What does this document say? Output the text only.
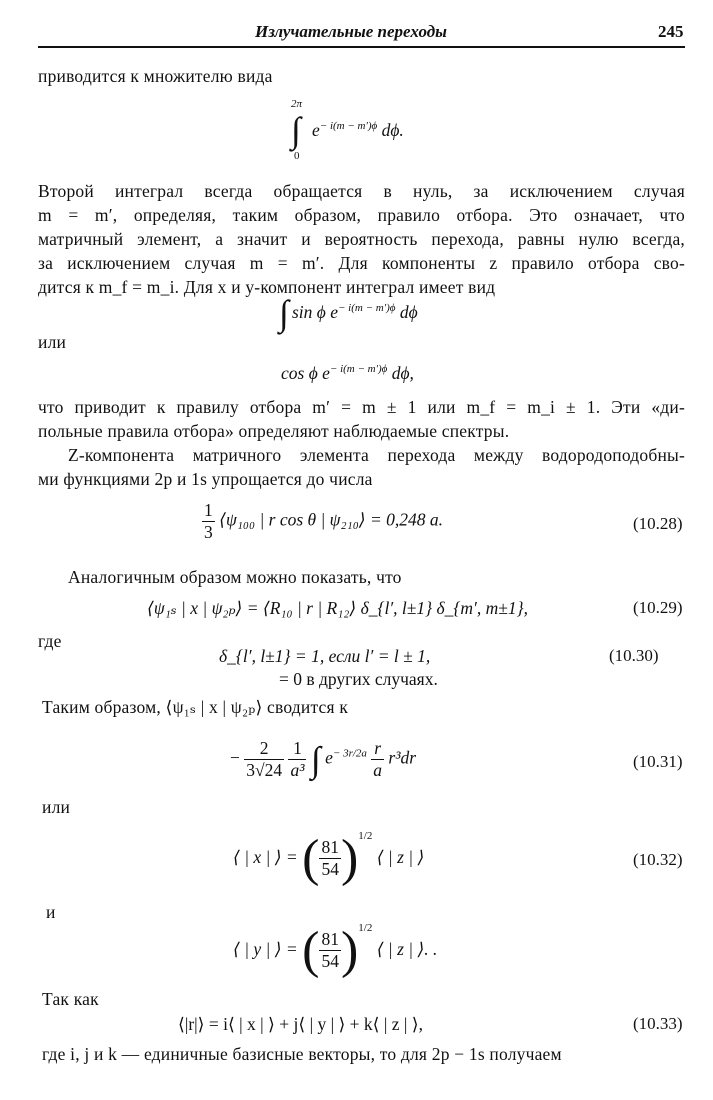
Излучательные переходы	245
приводится к множителю вида
2π
∫
0
$e^{- i(m - m')\phi}$ dϕ.
Второй интеграл всегда обращается в нуль, за исключением случая
m = m′, определяя, таким образом, правило отбора. Это означает, что
матричный элемент, а значит и вероятность перехода, равны нулю всегда,
за исключением случая m = m′. Для компоненты z правило отбора сво-
дится к m_f = m_i. Для x и y-компонент интеграл имеет вид
∫ sin ϕ $e^{- i(m - m')\phi}$ dϕ
или
cos ϕ $e^{- i(m - m')\phi}$ dϕ,
что приводит к правилу отбора m′ = m ± 1 или m_f = m_i ± 1. Эти «ди-
польные правила отбора» определяют наблюдаемые спектры.
Z-компонента матричного элемента перехода между водородоподобны-
ми функциями 2p и 1s упрощается до числа
$\frac{1}{3}$ ⟨ψ₁₀₀ | r cos θ | ψ₂₁₀⟩ = 0,248 a.	(10.28)
Аналогичным образом можно показать, что
⟨ψ₁ₛ | x | ψ₂ₚ⟩ = ⟨R₁₀ | r | R₁₂⟩ δ_{l′, l±1} δ_{m′, m±1},	(10.29)
где
δ_{l′, l±1} = 1, если l′ = l ± 1,
= 0 в других случаях.
(10.30)
Таким образом, ⟨ψ₁ₛ | x | ψ₂ₚ⟩ сводится к
− $\frac{2}{3√24}$
$\frac{1}{\text{a³}}$ ∫ $e^{- 3r/2a} \frac{r}{a} r^3dr$	(10.31)
или
⟨ | x | ⟩ = ( $\frac{81}{54} )^{1/2}$ ⟨ | z | ⟩	(10.32)
и
⟨ | y | ⟩ = ( $\frac{81}{54} )^{1/2}$ ⟨ | z | ⟩. .
Так как
⟨|r|⟩ = i⟨ | x | ⟩ + j⟨ | y | ⟩ + k⟨ | z | ⟩,	(10.33)
где i, j и k — единичные базисные векторы, то для 2p − 1s получаем
